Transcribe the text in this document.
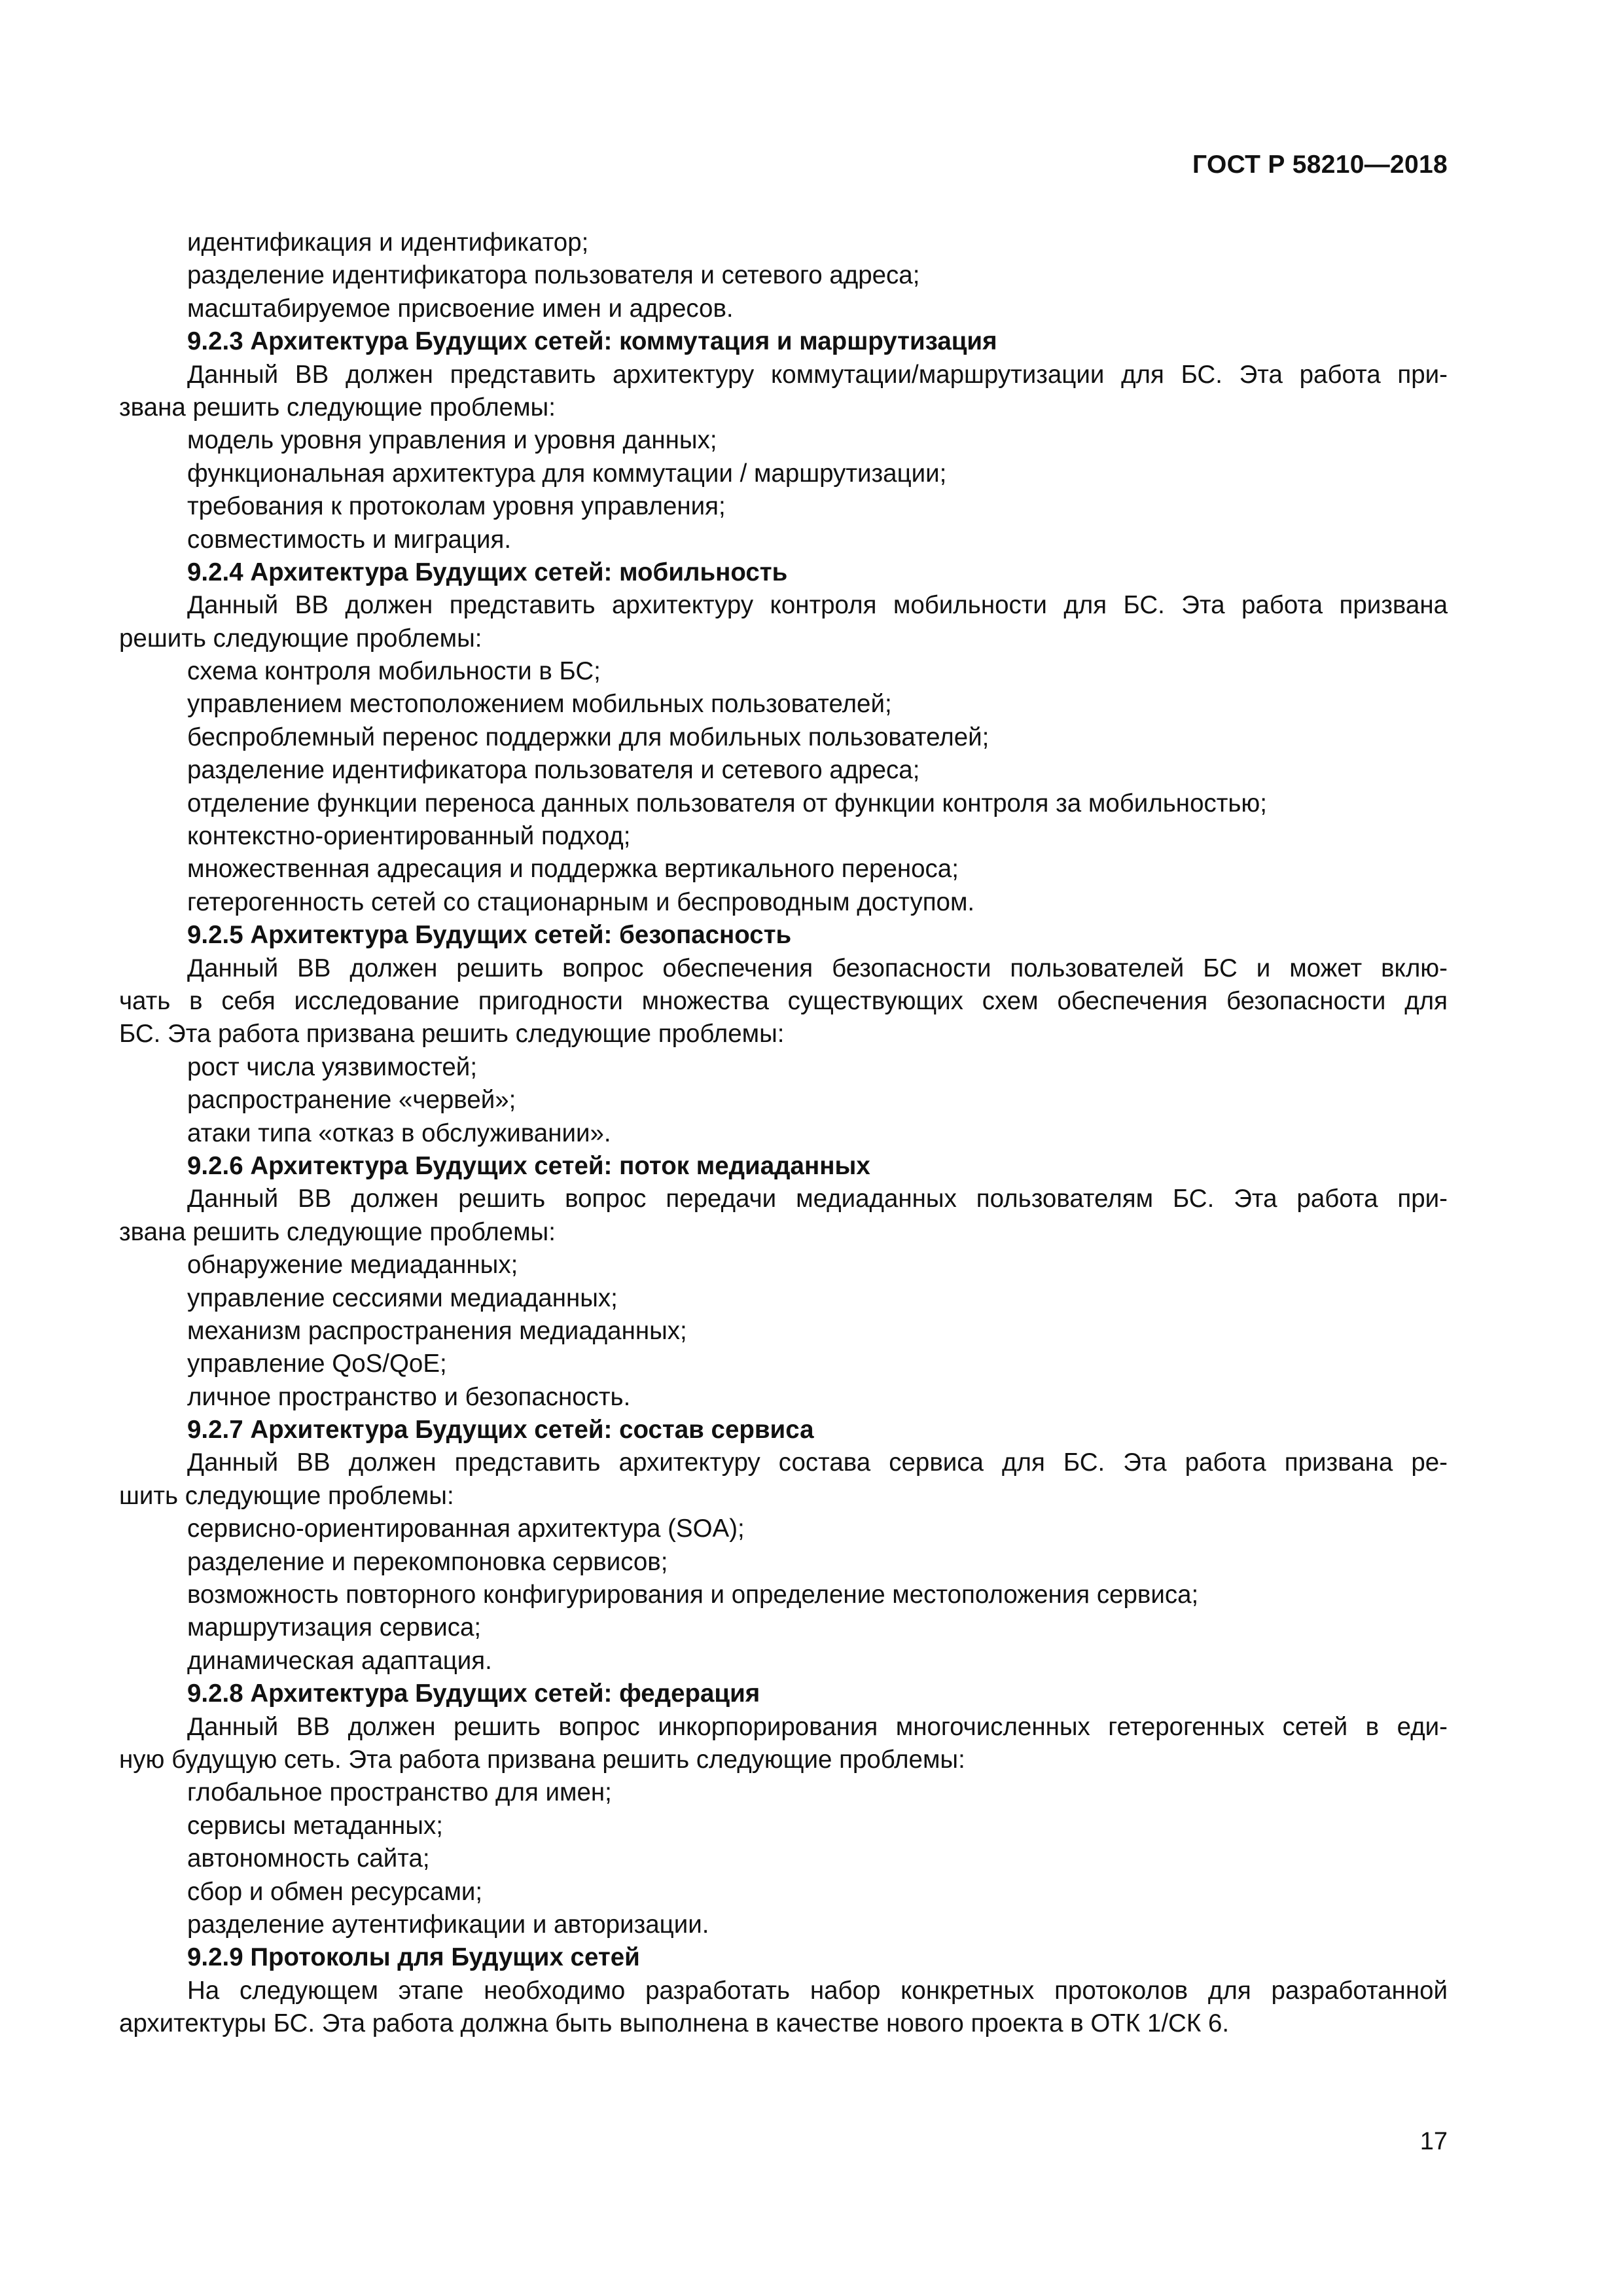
ГОСТ Р 58210—2018
идентификация и идентификатор;
разделение идентификатора пользователя и сетевого адреса;
масштабируемое присвоение имен и адресов.
9.2.3 Архитектура Будущих сетей: коммутация и маршрутизация
Данный ВВ должен представить архитектуру коммутации/маршрутизации для БС. Эта работа при-
звана решить следующие проблемы:
модель уровня управления и уровня данных;
функциональная архитектура для коммутации / маршрутизации;
требования к протоколам уровня управления;
совместимость и миграция.
9.2.4 Архитектура Будущих сетей: мобильность
Данный ВВ должен представить архитектуру контроля мобильности для БС. Эта работа призвана
решить следующие проблемы:
схема контроля мобильности в БС;
управлением местоположением мобильных пользователей;
беспроблемный перенос поддержки для мобильных пользователей;
разделение идентификатора пользователя и сетевого адреса;
отделение функции переноса данных пользователя от функции контроля за мобильностью;
контекстно-ориентированный подход;
множественная адресация и поддержка вертикального переноса;
гетерогенность сетей со стационарным и беспроводным доступом.
9.2.5 Архитектура Будущих сетей: безопасность
Данный ВВ должен решить вопрос обеспечения безопасности пользователей БС и может вклю-
чать в себя исследование пригодности множества существующих схем обеспечения безопасности для
БС. Эта работа призвана решить следующие проблемы:
рост числа уязвимостей;
распространение «червей»;
атаки типа «отказ в обслуживании».
9.2.6 Архитектура Будущих сетей: поток медиаданных
Данный ВВ должен решить вопрос передачи медиаданных пользователям БС. Эта работа при-
звана решить следующие проблемы:
обнаружение медиаданных;
управление сессиями медиаданных;
механизм распространения медиаданных;
управление QoS/QoE;
личное пространство и безопасность.
9.2.7 Архитектура Будущих сетей: состав сервиса
Данный ВВ должен представить архитектуру состава сервиса для БС. Эта работа призвана ре-
шить следующие проблемы:
сервисно-ориентированная архитектура (SOA);
разделение и перекомпоновка сервисов;
возможность повторного конфигурирования и определение местоположения сервиса;
маршрутизация сервиса;
динамическая адаптация.
9.2.8 Архитектура Будущих сетей: федерация
Данный ВВ должен решить вопрос инкорпорирования многочисленных гетерогенных сетей в еди-
ную будущую сеть. Эта работа призвана решить следующие проблемы:
глобальное пространство для имен;
сервисы метаданных;
автономность сайта;
сбор и обмен ресурсами;
разделение аутентификации и авторизации.
9.2.9 Протоколы для Будущих сетей
На следующем этапе необходимо разработать набор конкретных протоколов для разработанной
архитектуры БС. Эта работа должна быть выполнена в качестве нового проекта в ОТК 1/СК 6.
17
